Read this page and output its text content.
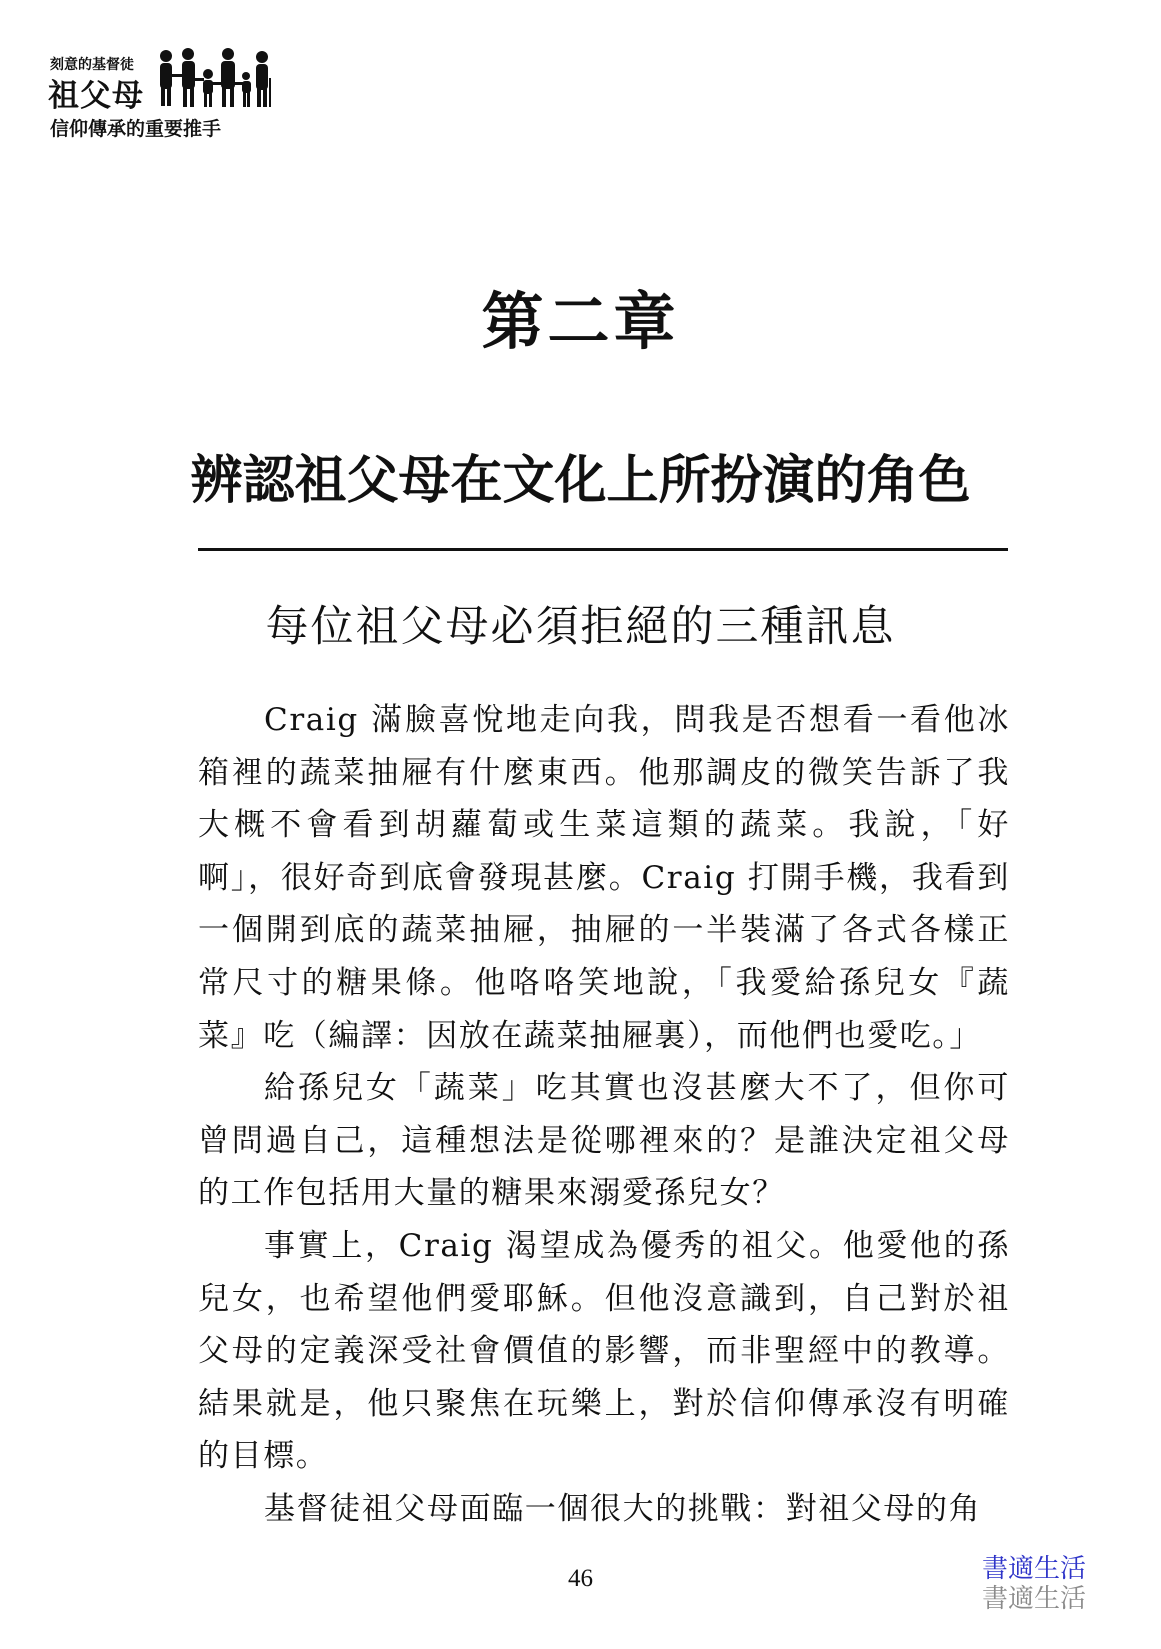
刻意的基督徒
祖父母
信仰傳承的重要推手
第二章
辨認祖父母在文化上所扮演的角色
每位祖父母必須拒絕的三種訊息

Craig 滿臉喜悅地走向我，問我是否想看一看他冰箱裡的蔬菜抽屜有什麼東西。他那調皮的微笑告訴了我大概不會看到胡蘿蔔或生菜這類的蔬菜。我說，「好啊」，很好奇到底會發現甚麼。Craig 打開手機，我看到一個開到底的蔬菜抽屜，抽屜的一半裝滿了各式各樣正常尺寸的糖果條。他咯咯笑地說，「我愛給孫兒女『蔬菜』吃（編譯：因放在蔬菜抽屜裏），而他們也愛吃。」

給孫兒女「蔬菜」吃其實也沒甚麼大不了，但你可曾問過自己，這種想法是從哪裡來的？是誰決定祖父母的工作包括用大量的糖果來溺愛孫兒女？

事實上，Craig 渴望成為優秀的祖父。他愛他的孫兒女，也希望他們愛耶穌。但他沒意識到，自己對於祖父母的定義深受社會價值的影響，而非聖經中的教導。結果就是，他只聚焦在玩樂上，對於信仰傳承沒有明確的目標。

基督徒祖父母面臨一個很大的挑戰：對祖父母的角

46	書適生活
書適生活
